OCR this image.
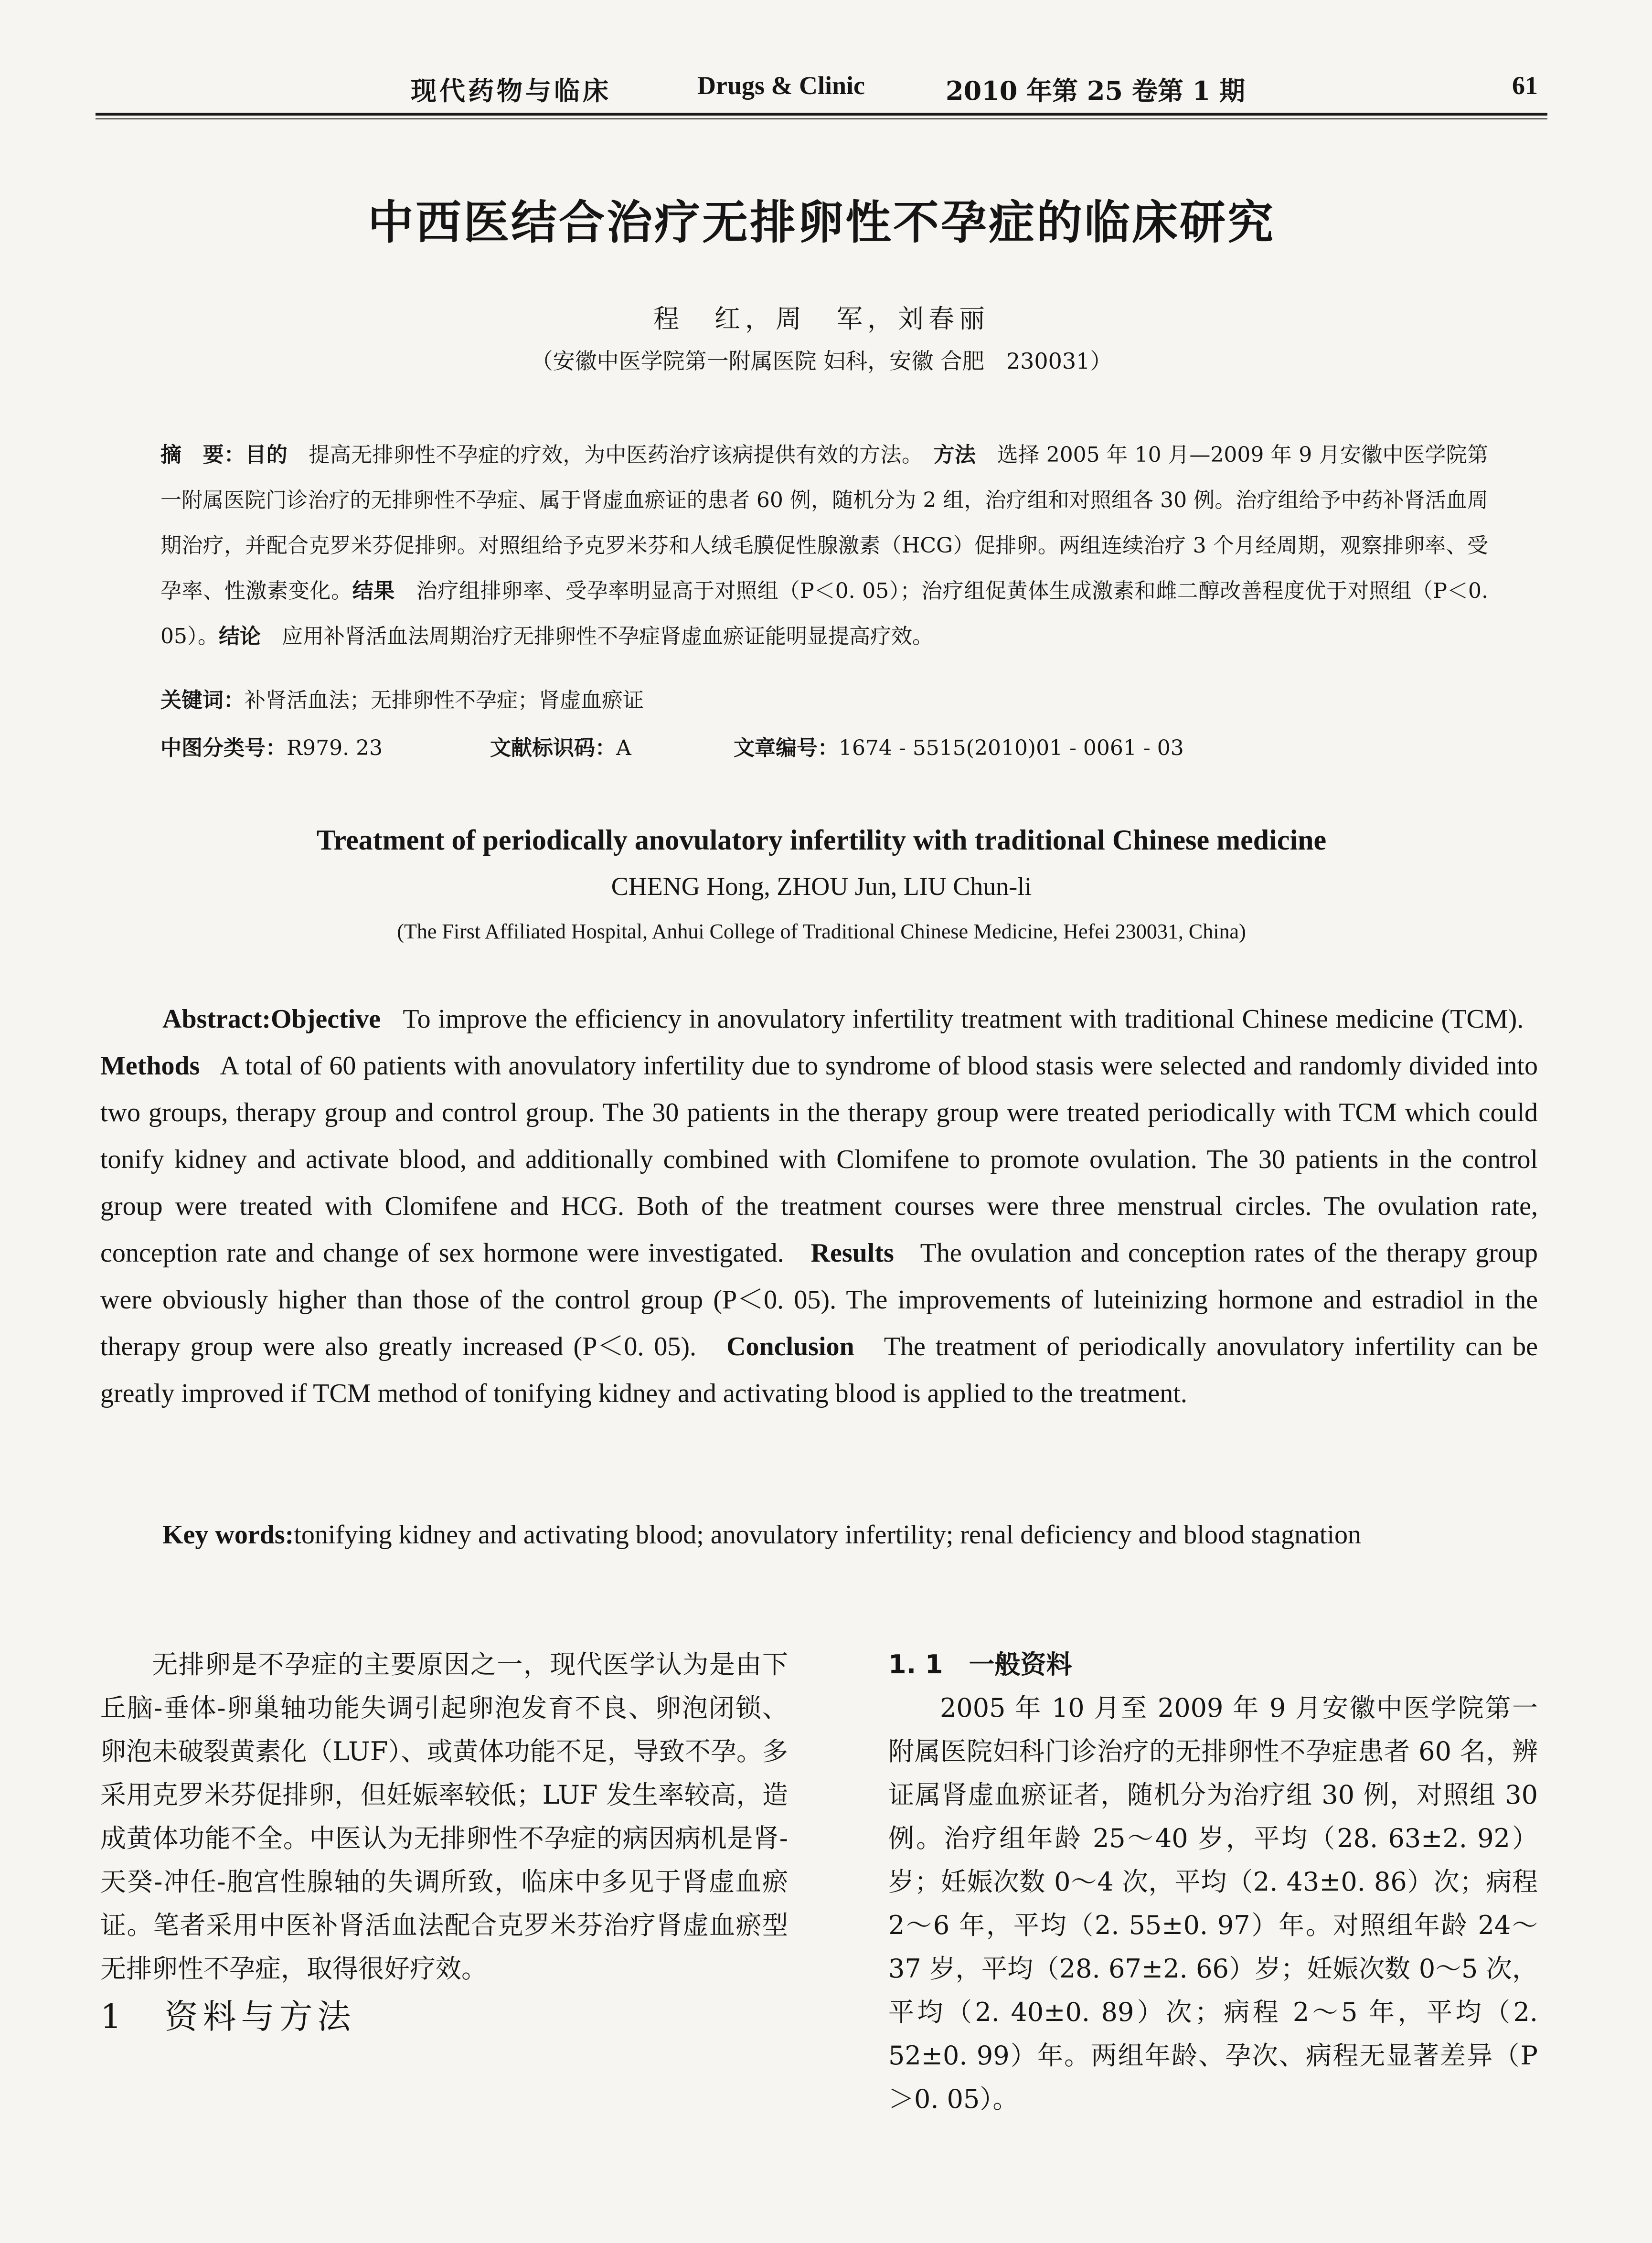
现代药物与临床	Drugs & Clinic	2010 年第 25 卷第 1 期	61
中西医结合治疗无排卵性不孕症的临床研究
程　红，周　军，刘春丽
（安徽中医学院第一附属医院 妇科，安徽 合肥　230031）
摘　要：目的　 提高无排卵性不孕症的疗效，为中医药治疗该病提供有效的方法。　 方法　 选择 2005 年 10 月—2009 年 9 月安徽中医学院第一附属医院门诊治疗的无排卵性不孕症、属于肾虚血瘀证的患者 60 例，随机分为 2 组，治疗组和对照组各 30 例。治疗组给予中药补肾活血周期治疗，并配合克罗米芬促排卵。对照组给予克罗米芬和人绒毛膜促性腺激素（HCG）促排卵。两组连续治疗 3 个月经周期，观察排卵率、受孕率、性激素变化。结果　 治疗组排卵率、受孕率明显高于对照组（P＜0. 05）；治疗组促黄体生成激素和雌二醇改善程度优于对照组（P＜0. 05）。结论　 应用补肾活血法周期治疗无排卵性不孕症肾虚血瘀证能明显提高疗效。
关键词：补肾活血法；无排卵性不孕症；肾虚血瘀证
中图分类号：R979. 23	文献标识码：A	文章编号：1674 - 5515(2010)01 - 0061 - 03
Treatment of periodically anovulatory infertility with traditional Chinese medicine
CHENG Hong, ZHOU Jun, LIU Chun-li
(The First Affiliated Hospital, Anhui College of Traditional Chinese Medicine, Hefei 230031, China)
Abstract:Objective To improve the efficiency in anovulatory infertility treatment with traditional Chinese medicine (TCM).   Methods A total of 60 patients with anovulatory infertility due to syndrome of blood stasis were selected and randomly divided into two groups, therapy group and control group. The 30 patients in the therapy group were treated periodically with TCM which could tonify kidney and activate blood, and additionally combined with Clomifene to promote ovulation. The 30 patients in the control group were treated with Clomifene and HCG. Both of the treatment courses were three menstrual circles. The ovulation rate, conception rate and change of sex hormone were investigated. Results The ovulation and conception rates of the therapy group were obviously higher than those of the control group (P＜0. 05). The improvements of luteinizing hormone and estradiol in the therapy group were also greatly increased (P＜0. 05). Conclusion The treatment of periodically anovulatory infertility can be greatly improved if TCM method of tonifying kidney and activating blood is applied to the treatment.
Key words:tonifying kidney and activating blood; anovulatory infertility; renal deficiency and blood stagnation

无排卵是不孕症的主要原因之一，现代医学认为是由下丘脑-垂体-卵巢轴功能失调引起卵泡发育不良、卵泡闭锁、卵泡未破裂黄素化（LUF）、或黄体功能不足，导致不孕。多采用克罗米芬促排卵，但妊娠率较低；LUF 发生率较高，造成黄体功能不全。中医认为无排卵性不孕症的病因病机是肾-天癸-冲任-胞宫性腺轴的失调所致，临床中多见于肾虚血瘀证。笔者采用中医补肾活血法配合克罗米芬治疗肾虚血瘀型无排卵性不孕症，取得很好疗效。

1　资料与方法
1. 1　一般资料

2005 年 10 月至 2009 年 9 月安徽中医学院第一附属医院妇科门诊治疗的无排卵性不孕症患者 60 名，辨证属肾虚血瘀证者，随机分为治疗组 30 例，对照组 30 例。治疗组年龄 25～40 岁，平均（28. 63±2. 92）岁；妊娠次数 0～4 次，平均（2. 43±0. 86）次；病程 2～6 年，平均（2. 55±0. 97）年。对照组年龄 24～37 岁，平均（28. 67±2. 66）岁；妊娠次数 0～5 次，平均（2. 40±0. 89）次；病程 2～5 年，平均（2. 52±0. 99）年。两组年龄、孕次、病程无显著差异（P＞0. 05）。
